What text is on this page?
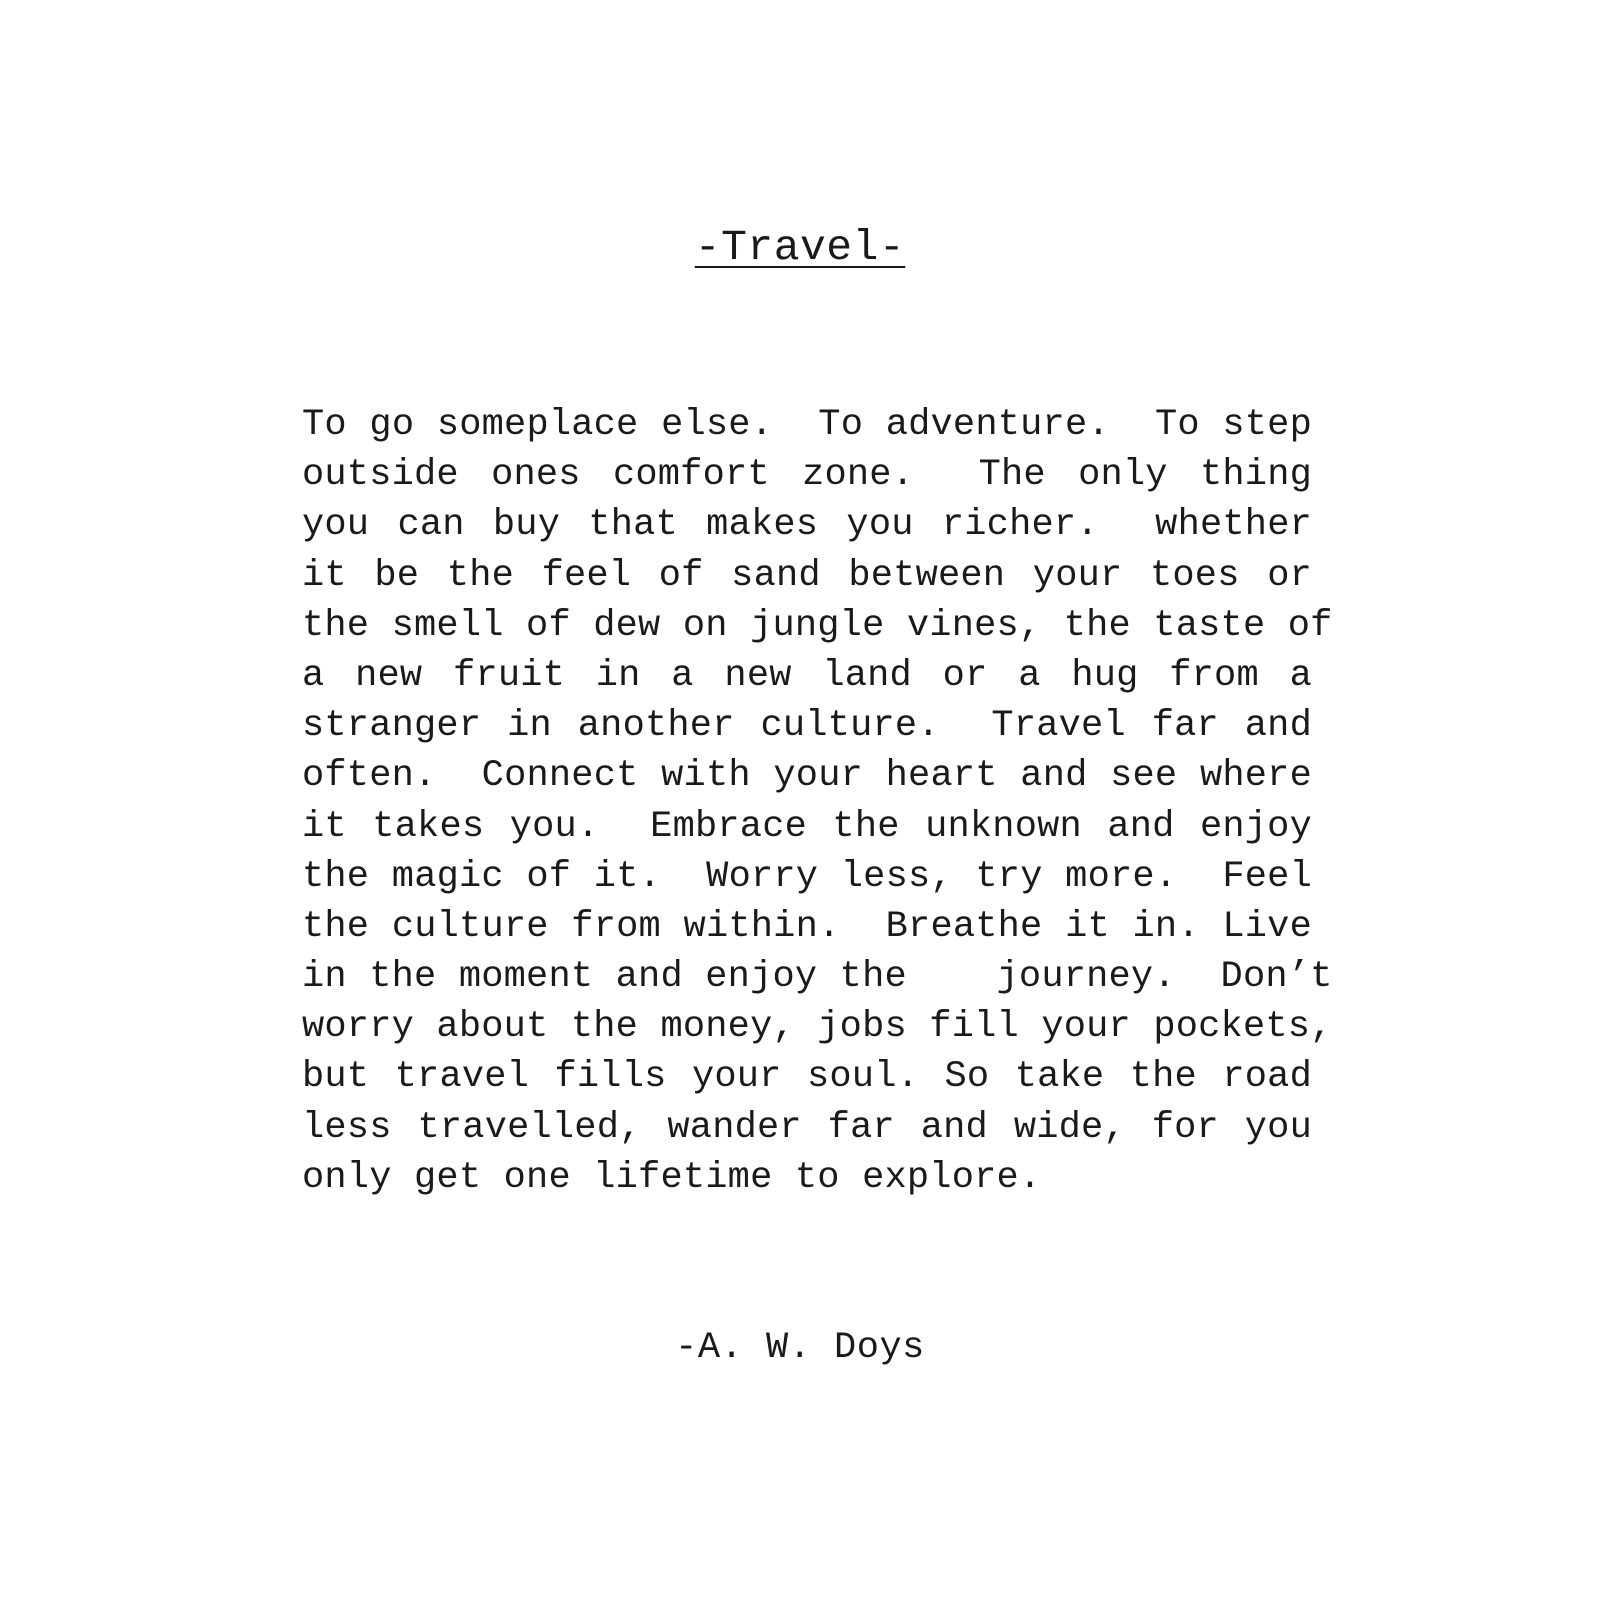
-Travel-
To go someplace else.  To adventure.  To step
outside ones comfort zone.  The only thing
you can buy that makes you richer.  whether
it be the feel of sand between your toes or
the smell of dew on jungle vines, the taste of
a new fruit in a new land or a hug from a
stranger in another culture.  Travel far and
often.  Connect with your heart and see where
it takes you.  Embrace the unknown and enjoy
the magic of it.  Worry less, try more.  Feel
the culture from within.  Breathe it in. Live
in the moment and enjoy the    journey.  Don’t
worry about the money, jobs fill your pockets,
but travel fills your soul. So take the road
less travelled, wander far and wide, for you
only get one lifetime to explore.
-A. W. Doys
